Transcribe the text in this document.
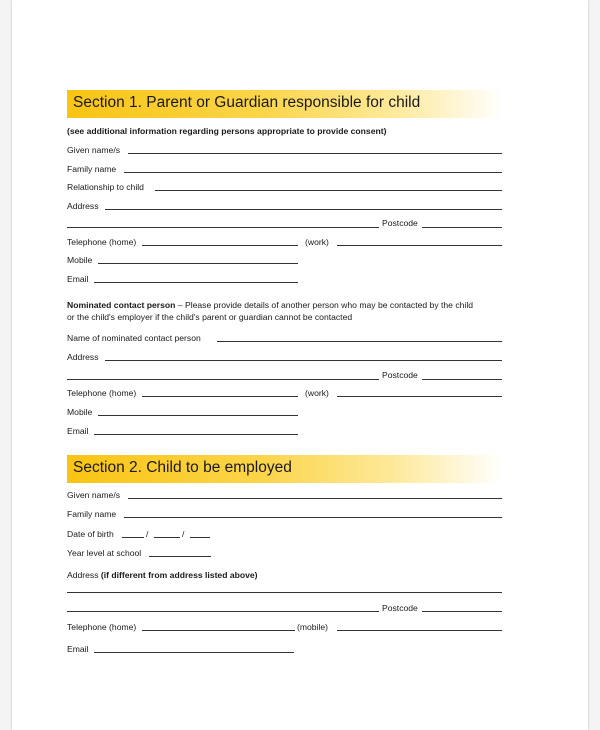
Section 1. Parent or Guardian responsible for child
(see additional information regarding persons appropriate to provide consent)
Given name/s
Family name
Relationship to child
Address
Postcode
Telephone (home)	(work)
Mobile
Email
Nominated contact person – Please provide details of another person who may be contacted by the child
or the child's employer if the child's parent or guardian cannot be contacted
Name of nominated contact person
Address
Postcode
Telephone (home)	(work)
Mobile
Email
Section 2. Child to be employed
Given name/s
Family name
Date of birth	/	/
Year level at school
Address (if different from address listed above)
Postcode
Telephone (home)	(mobile)
Email
